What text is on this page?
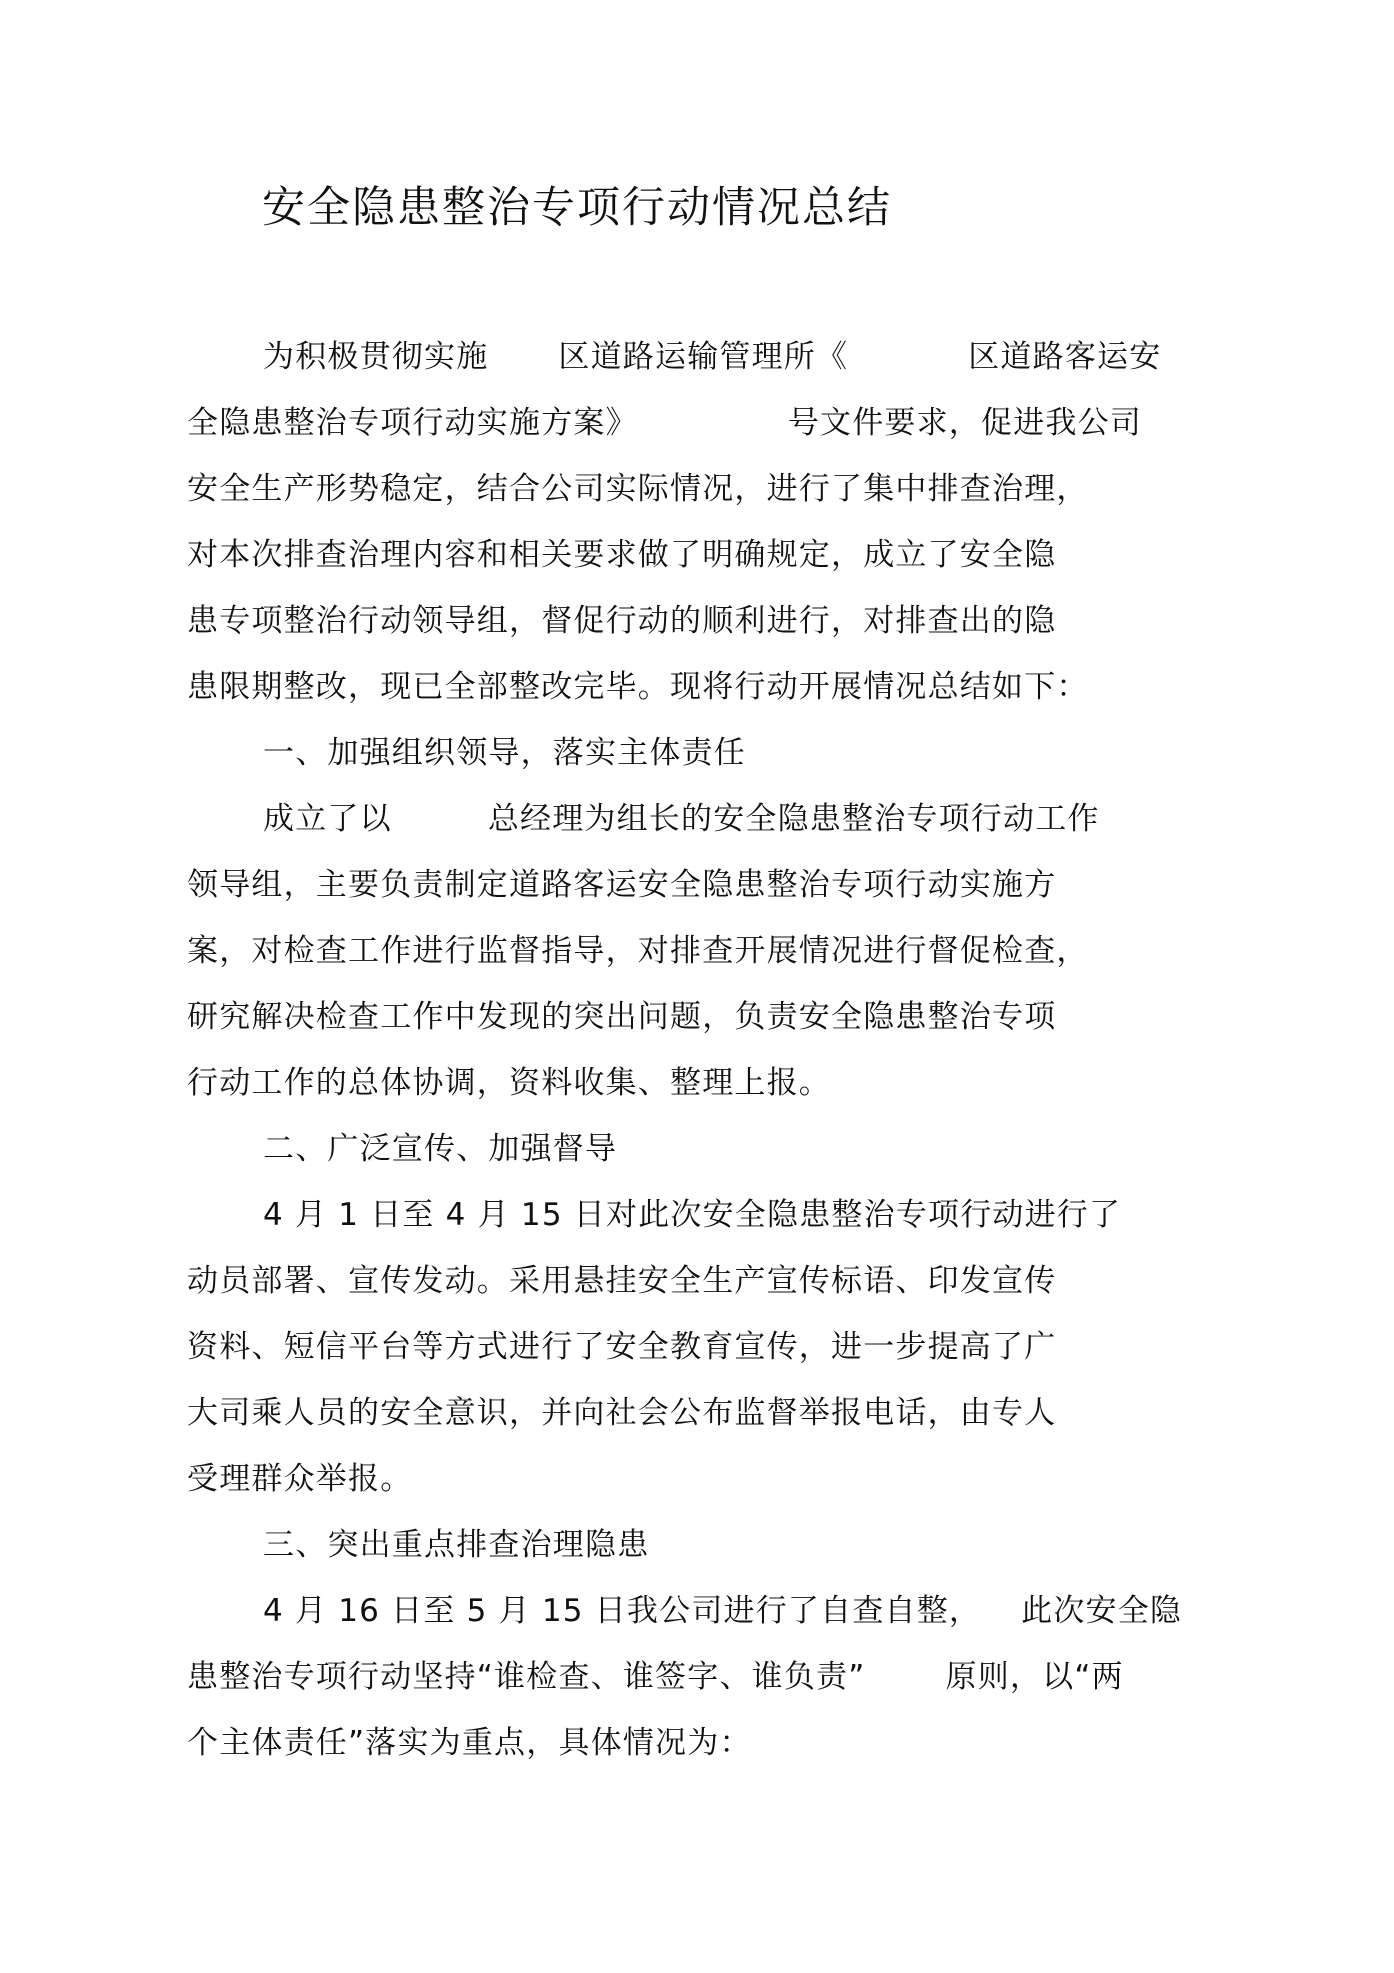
安全隐患整治专项行动情况总结
为积极贯彻实施 区道路运输管理所《	区道路客运安
全隐患整治专项行动实施方案》	号文件要求，促进我公司
安全生产形势稳定，结合公司实际情况，进行了集中排查治理，
对本次排查治理内容和相关要求做了明确规定，成立了安全隐
患专项整治行动领导组，督促行动的顺利进行，对排查出的隐
患限期整改，现已全部整改完毕。现将行动开展情况总结如下：
一、加强组织领导，落实主体责任
成立了以	总经理为组长的安全隐患整治专项行动工作
领导组，主要负责制定道路客运安全隐患整治专项行动实施方
案，对检查工作进行监督指导，对排查开展情况进行督促检查，
研究解决检查工作中发现的突出问题，负责安全隐患整治专项
行动工作的总体协调，资料收集、整理上报。
二、广泛宣传、加强督导
4 月 1 日至 4 月 15 日对此次安全隐患整治专项行动进行了
动员部署、宣传发动。采用悬挂安全生产宣传标语、印发宣传
资料、短信平台等方式进行了安全教育宣传，进一步提高了广
大司乘人员的安全意识，并向社会公布监督举报电话，由专人
受理群众举报。
三、突出重点排查治理隐患
4 月 16 日至 5 月 15 日我公司进行了自查自整， 此次安全隐
患整治专项行动坚持“谁检查、谁签字、谁负责”	原则，以“两
个主体责任”落实为重点，具体情况为：
